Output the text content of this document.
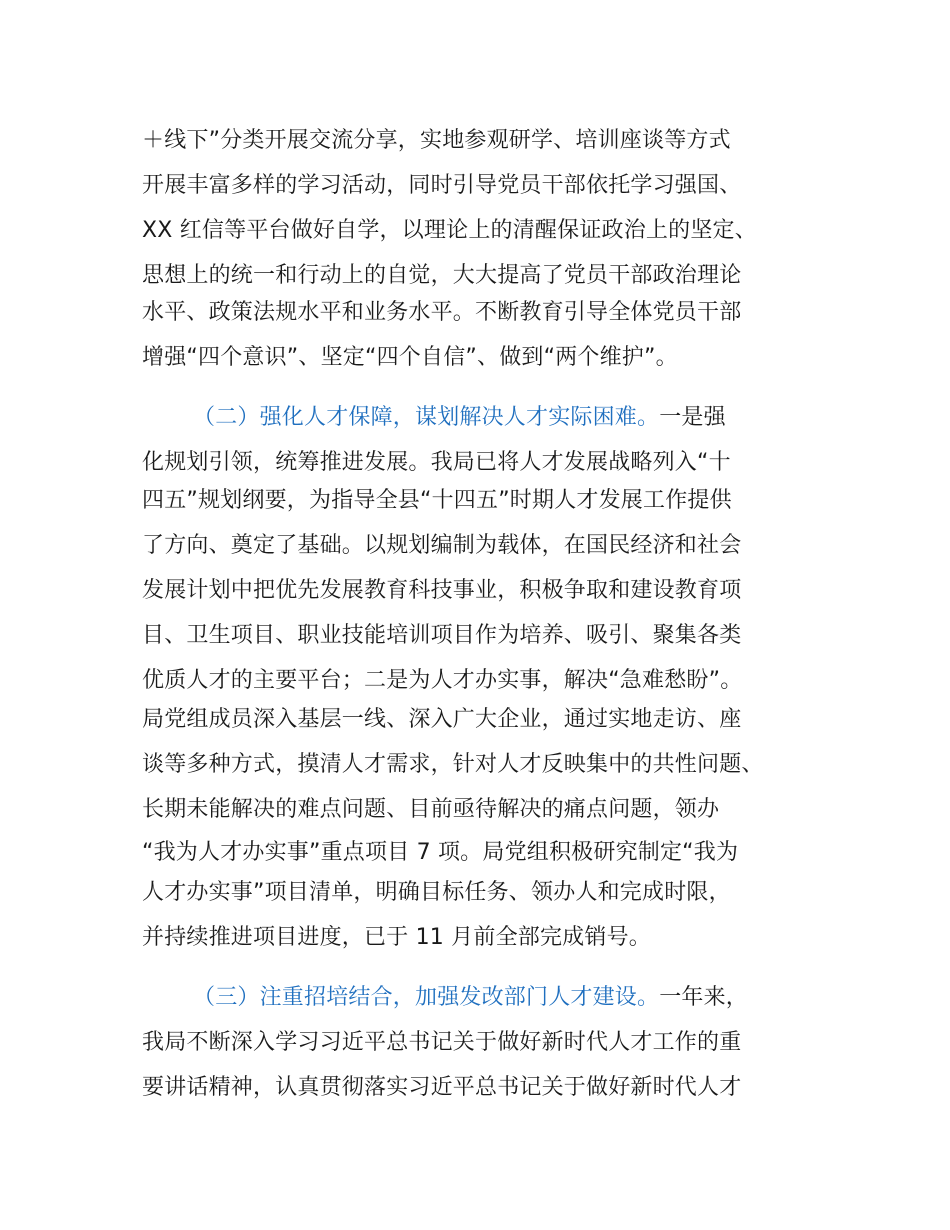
＋线下”分类开展交流分享，实地参观研学、培训座谈等方式
开展丰富多样的学习活动，同时引导党员干部依托学习强国、
XX 红信等平台做好自学，以理论上的清醒保证政治上的坚定、
思想上的统一和行动上的自觉，大大提高了党员干部政治理论
水平、政策法规水平和业务水平。不断教育引导全体党员干部
增强“四个意识”、坚定“四个自信”、做到“两个维护”。
（二）强化人才保障，谋划解决人才实际困难。一是强
化规划引领，统筹推进发展。我局已将人才发展战略列入“十
四五”规划纲要，为指导全县“十四五”时期人才发展工作提供
了方向、奠定了基础。以规划编制为载体，在国民经济和社会
发展计划中把优先发展教育科技事业，积极争取和建设教育项
目、卫生项目、职业技能培训项目作为培养、吸引、聚集各类
优质人才的主要平台；二是为人才办实事，解决“急难愁盼”。
局党组成员深入基层一线、深入广大企业，通过实地走访、座
谈等多种方式，摸清人才需求，针对人才反映集中的共性问题、
长期未能解决的难点问题、目前亟待解决的痛点问题，领办
“我为人才办实事”重点项目 7 项。局党组积极研究制定“我为
人才办实事”项目清单，明确目标任务、领办人和完成时限，
并持续推进项目进度，已于 11 月前全部完成销号。
（三）注重招培结合，加强发改部门人才建设。一年来，
我局不断深入学习习近平总书记关于做好新时代人才工作的重
要讲话精神，认真贯彻落实习近平总书记关于做好新时代人才
